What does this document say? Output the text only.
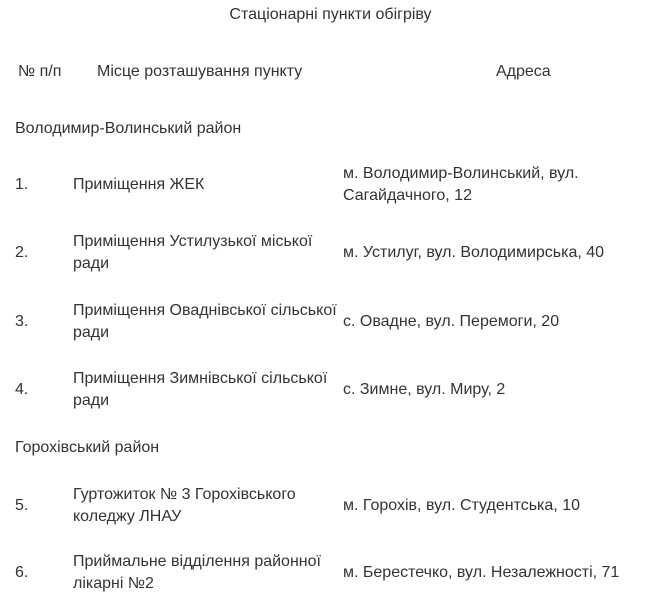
Стаціонарні пункти обігріву
№ п/п Місце розташування пункту	Адреса
Володимир-Волинський район
1.	Приміщення ЖЕК
м. Володимир-Волинський, вул. Сагайдачного, 12
2.
Приміщення Устилузької міської ради
м. Устилуг, вул. Володимирська, 40
3.
Приміщення Оваднівської сільської ради
с. Овадне, вул. Перемоги, 20
4.
Приміщення Зимнівської сільської ради
с. Зимне, вул. Миру, 2
Горохівський район
5.
Гуртожиток № 3 Горохівського коледжу ЛНАУ
м. Горохів, вул. Студентська, 10
6.
Приймальне відділення районної лікарні №2
м. Берестечко, вул. Незалежності, 71
